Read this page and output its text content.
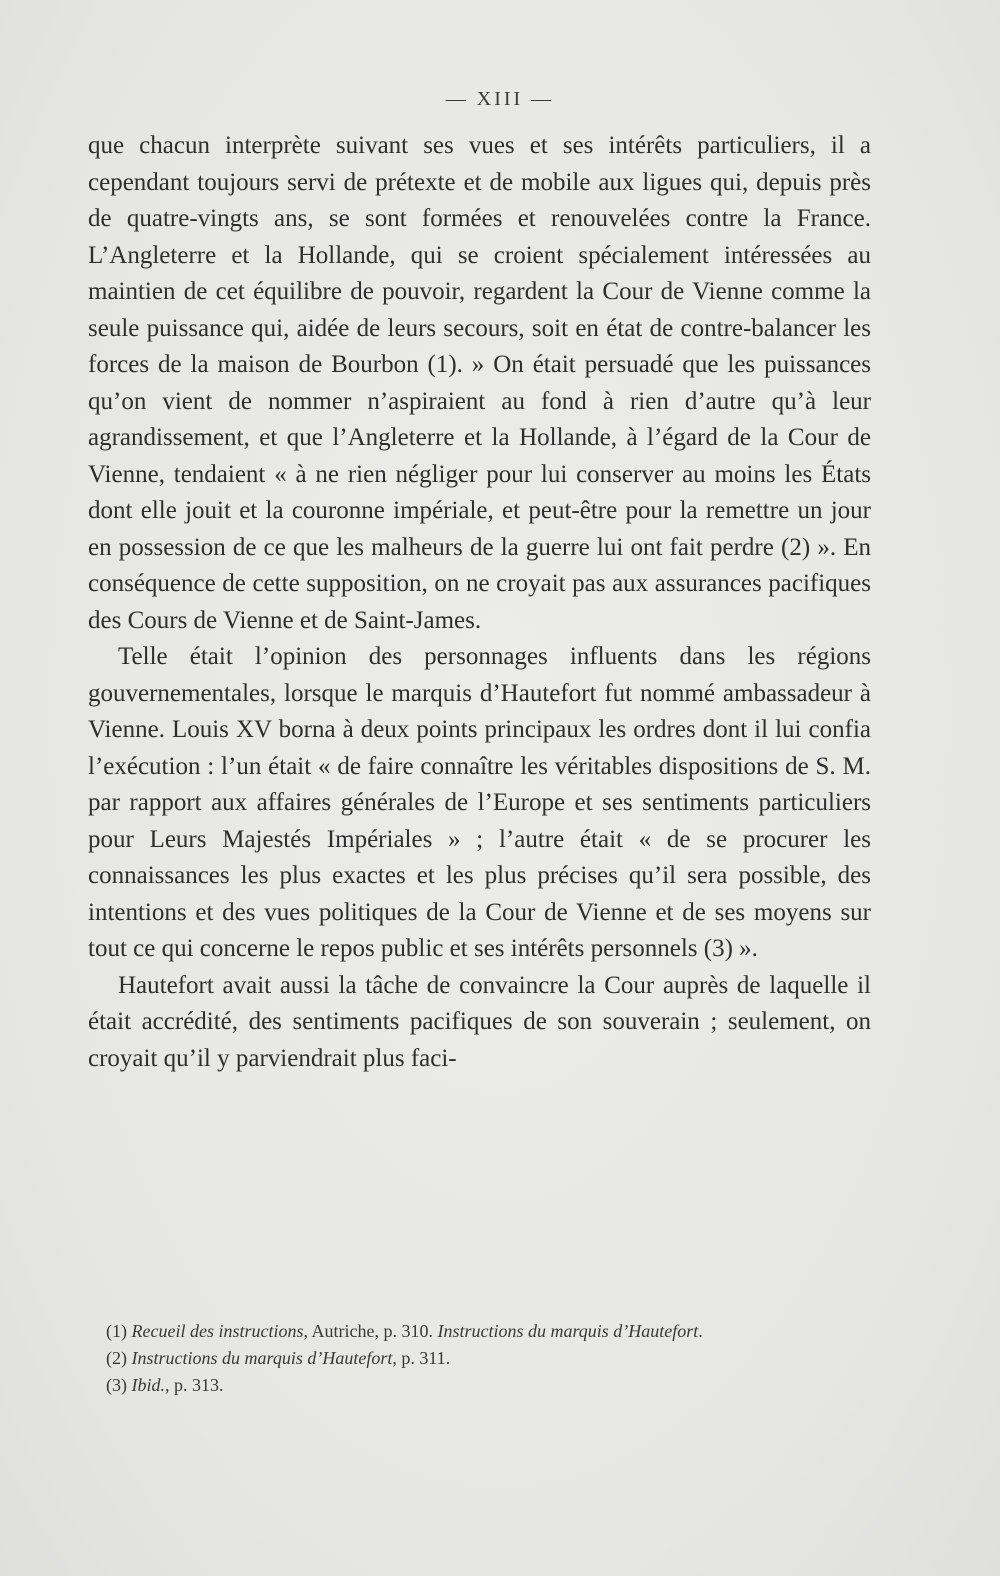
— XIII —

que chacun interprète suivant ses vues et ses intérêts particuliers, il a cependant toujours servi de prétexte et de mobile aux ligues qui, depuis près de quatre-vingts ans, se sont formées et renouvelées contre la France. L’Angleterre et la Hollande, qui se croient spécialement intéressées au maintien de cet équilibre de pouvoir, regardent la Cour de Vienne comme la seule puissance qui, aidée de leurs secours, soit en état de contre-balancer les forces de la maison de Bourbon (1). » On était persuadé que les puissances qu’on vient de nommer n’aspiraient au fond à rien d’autre qu’à leur agrandissement, et que l’Angleterre et la Hollande, à l’égard de la Cour de Vienne, tendaient « à ne rien négliger pour lui conserver au moins les États dont elle jouit et la couronne impériale, et peut-être pour la remettre un jour en possession de ce que les malheurs de la guerre lui ont fait perdre (2) ». En conséquence de cette supposition, on ne croyait pas aux assurances pacifiques des Cours de Vienne et de Saint-James.

Telle était l’opinion des personnages influents dans les régions gouvernementales, lorsque le marquis d’Hautefort fut nommé ambassadeur à Vienne. Louis XV borna à deux points principaux les ordres dont il lui confia l’exécution : l’un était « de faire connaître les véritables dispositions de S. M. par rapport aux affaires générales de l’Europe et ses sentiments particuliers pour Leurs Majestés Impériales » ; l’autre était « de se procurer les connaissances les plus exactes et les plus précises qu’il sera possible, des intentions et des vues politiques de la Cour de Vienne et de ses moyens sur tout ce qui concerne le repos public et ses intérêts personnels (3) ».

Hautefort avait aussi la tâche de convaincre la Cour auprès de laquelle il était accrédité, des sentiments pacifiques de son souverain ; seulement, on croyait qu’il y parviendrait plus faci-

(1) Recueil des instructions, Autriche, p. 310. Instructions du marquis d’Hautefort.

(2) Instructions du marquis d’Hautefort, p. 311.

(3) Ibid., p. 313.
